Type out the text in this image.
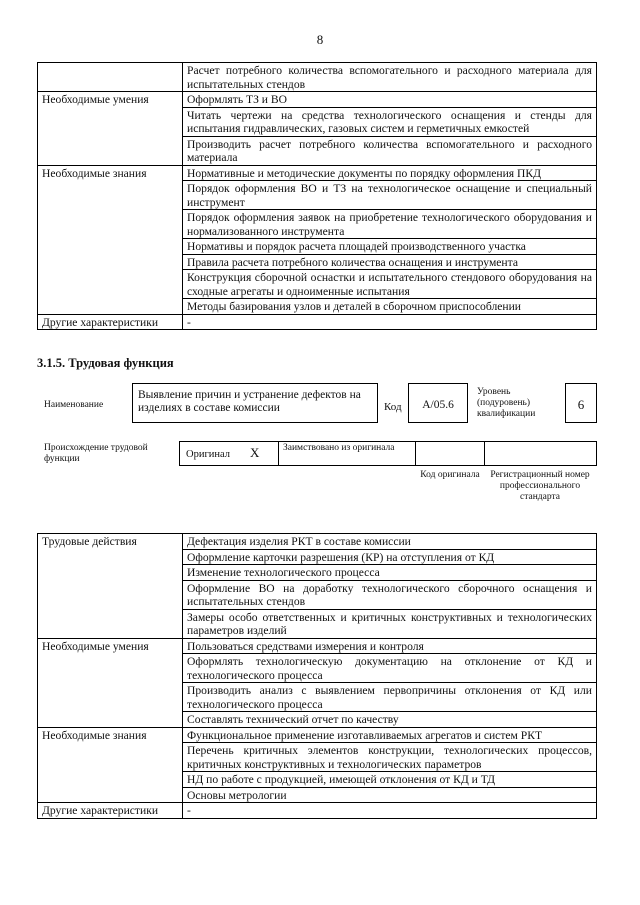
8
	Расчет потребного количества вспомогательного и расходного материала для испытательных стендов
Необходимые умения	Оформлять ТЗ и ВО
	Читать чертежи на средства технологического оснащения и стенды для испытания гидравлических, газовых систем и герметичных емкостей
	Производить расчет потребного количества вспомогательного и расходного материала
Необходимые знания	Нормативные и методические документы по порядку оформления ПКД
	Порядок оформления ВО и ТЗ на технологическое оснащение и специальный инструмент
	Порядок оформления заявок на приобретение технологического оборудования и нормализованного инструмента
	Нормативы и порядок расчета площадей производственного участка
	Правила расчета потребного количества оснащения и инструмента
	Конструкция сборочной оснастки и испытательного стендового оборудования на сходные агрегаты и одноименные испытания
	Методы базирования узлов и деталей в сборочном приспособлении
Другие характеристики	-
3.1.5. Трудовая функция
Наименование
Выявление причин и устранение дефектов на изделиях в составе комиссии	Код	А/05.6
Уровень (подуровень) квалификации
6
Происхождение трудовой функции	Оригинал X Заимствовано из оригинала
Код оригинала	Регистрационный номер профессионального стандарта
Трудовые действия	Дефектация изделия РКТ в составе комиссии
	Оформление карточки разрешения (КР) на отступления от КД
	Изменение технологического процесса
	Оформление ВО на доработку технологического сборочного оснащения и испытательных стендов
	Замеры особо ответственных и критичных конструктивных и технологических параметров изделий
Необходимые умения	Пользоваться средствами измерения и контроля
	Оформлять технологическую документацию на отклонение от КД и технологического процесса
	Производить анализ с выявлением первопричины отклонения от КД или технологического процесса
	Составлять технический отчет по качеству
Необходимые знания	Функциональное применение изготавливаемых агрегатов и систем РКТ
	Перечень критичных элементов конструкции, технологических процессов, критичных конструктивных и технологических параметров
	НД по работе с продукцией, имеющей отклонения от КД и ТД
	Основы метрологии
Другие характеристики	-
